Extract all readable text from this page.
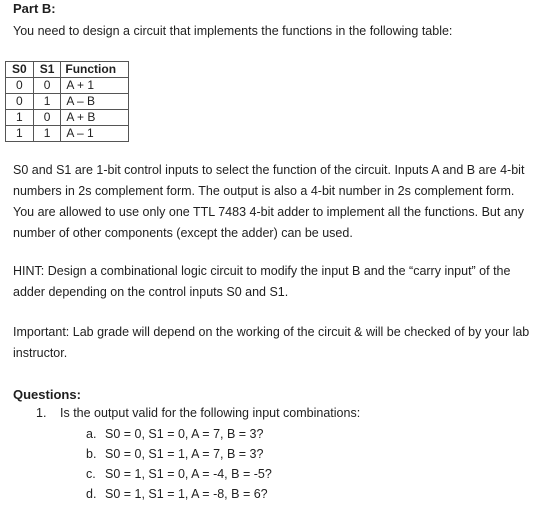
Part B:
You need to design a circuit that implements the functions in the following table:
S0	S1	Function
0	0	A + 1
0	1	A – B
1	0	A + B
1	1	A – 1
S0 and S1 are 1-bit control inputs to select the function of the circuit. Inputs A and B are 4-bit
numbers in 2s complement form. The output is also a 4-bit number in 2s complement form.
You are allowed to use only one TTL 7483 4-bit adder to implement all the functions. But any
number of other components (except the adder) can be used.
HINT: Design a combinational logic circuit to modify the input B and the “carry input” of the
adder depending on the control inputs S0 and S1.
Important: Lab grade will depend on the working of the circuit & will be checked of by your lab
instructor.
Questions:
1. Is the output valid for the following input combinations:
a. S0 = 0, S1 = 0, A = 7, B = 3?
b. S0 = 0, S1 = 1, A = 7, B = 3?
c. S0 = 1, S1 = 0, A = -4, B = -5?
d. S0 = 1, S1 = 1, A = -8, B = 6?
